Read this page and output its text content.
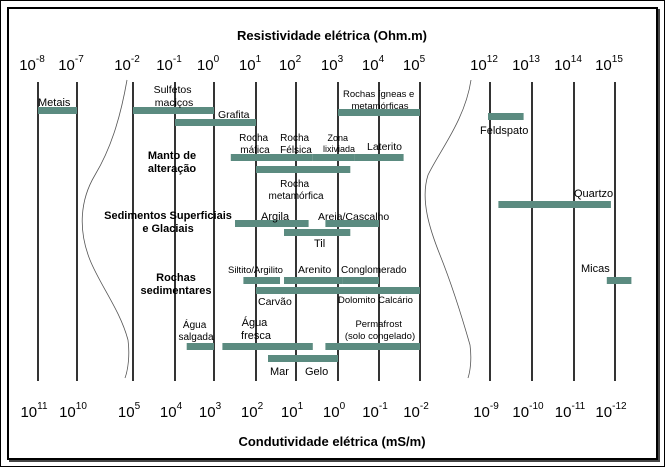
Resistividade elétrica (Ohm.m)
Condutividade elétrica (mS/m)
$10^{-8}$ $10^{-7}$ $10^{-2}$ $10^{-1}$ $10^0$ $10^1$ $10^2$ $10^3$ $10^4$ $10^5$	$10^{12}$ $10^{13}$ $10^{14}$ $10^{15}$
$10^{11}$ $10^{10}$ $10^5$ $10^4$ $10^3$ $10^2$ $10^1$ $10^0$ $10^{-1}$ $10^{-2}$	$10^{-9}$ $10^{-10}$ $10^{-11}$ $10^{-12}$
Manto de
alteração
Sedimentos Superficiais
e Glaciais
Rochas
sedimentares
Metais
Sulfetos maciços
Grafita
Rochas ígneas e metamórficas
Feldspato
Rocha máfica
Rocha Félsica
Zona lixiviada Laterito
Rocha metamórfica	Quartzo
Argila	Areia/Cascalho
Til
Micas
Siltito/Argilito Arenito Conglomerado
Carvão	Dolomito Calcário
Água salgada
Água fresca
Permafrost (solo congelado)
Mar Gelo
